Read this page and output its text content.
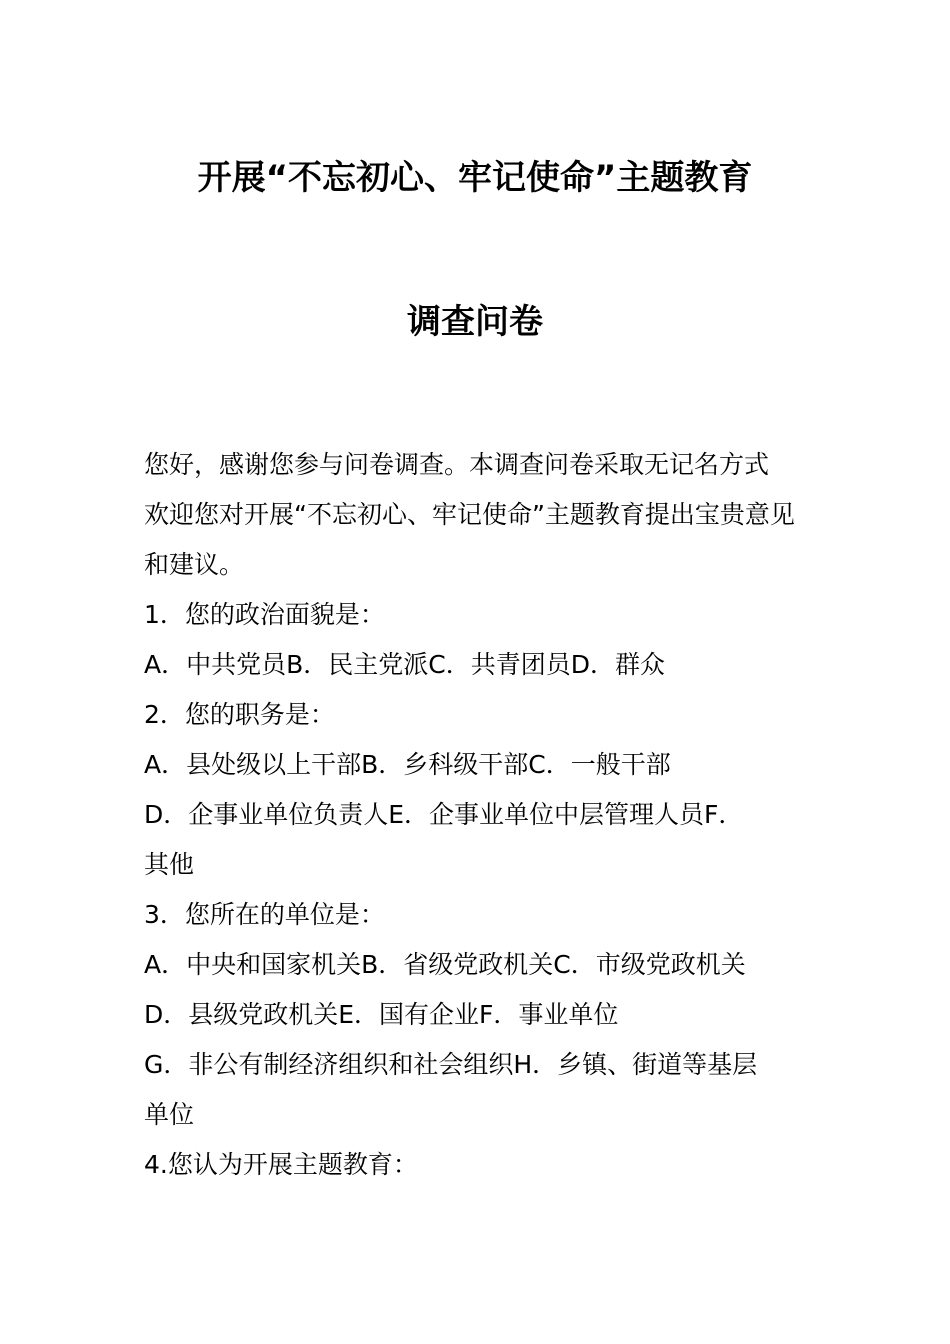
开展“不忘初心、牢记使命”主题教育
调查问卷
您好，感谢您参与问卷调查。本调查问卷采取无记名方式
欢迎您对开展“不忘初心、牢记使命”主题教育提出宝贵意见
和建议。
1．您的政治面貌是：
A．中共党员B．民主党派C．共青团员D．群众
2．您的职务是：
A．县处级以上干部B．乡科级干部C．一般干部
D．企事业单位负责人E．企事业单位中层管理人员F．
其他
3．您所在的单位是：
A．中央和国家机关B．省级党政机关C．市级党政机关
D．县级党政机关E．国有企业F．事业单位
G．非公有制经济组织和社会组织H．乡镇、街道等基层
单位
4.您认为开展主题教育：
